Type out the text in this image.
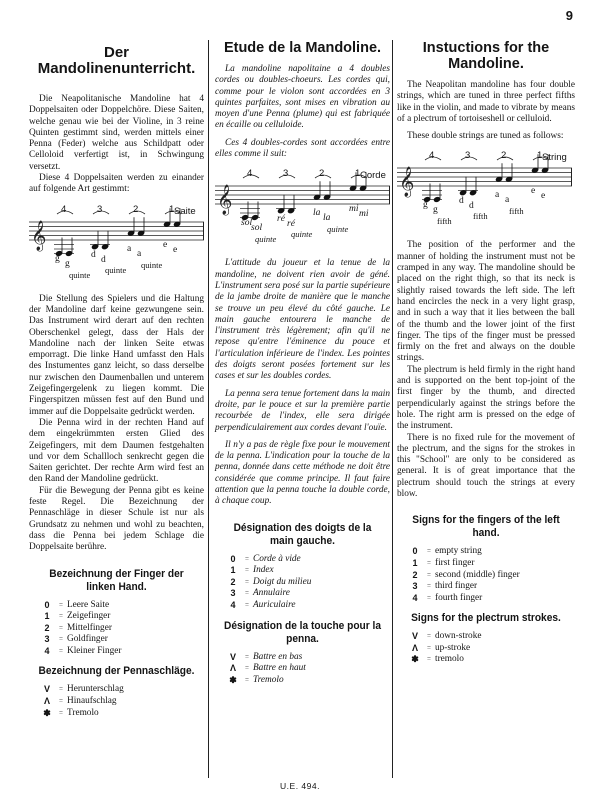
9
Der Mandolinenunterricht.

Die Neapolitanische Mandoline hat 4 Doppelsaiten oder Doppelchöre. Diese Saiten, welche genau wie bei der Violine, in 3 reine Quinten gestimmt sind, werden mittels einer Penna (Feder) welche aus Schildpatt oder Celloloid verfertigt ist, in Schwingung versetzt.

Diese 4 Doppelsaiten werden zu einander auf folgende Art gestimmt:

𝄞
4	3	2	1 Saite
g g
d d
a a
e e
quinte quinte quinte

Die Stellung des Spielers und die Haltung der Mandoline darf keine gezwungene sein. Das Instrument wird derart auf den rechten Oberschenkel gelegt, dass der Hals der Mandoline nach der linken Seite etwas emporragt. Die linke Hand umfasst den Hals des Instumentes ganz leicht, so dass derselbe nur zwischen den Daumenballen und unterem Zeigefingergelenk zu liegen kommt. Die Fingerspitzen müssen fest auf den Bund und immer auf die Doppelsaite gedrückt werden.

Die Penna wird in der rechten Hand auf dem eingekrümmten ersten Glied des Zeigefingers, mit dem Daumen festgehalten und vor dem Schallloch senkrecht gegen die Saiten gerichtet. Der rechte Arm wird fest an den Rand der Mandoline gedrückt.

Für die Bewegung der Penna gibt es keine feste Regel. Die Bezeichnung der Pennaschläge in dieser Schule ist nur als Grundsatz zu nehmen und wohl zu beachten, dass die Penna bei jedem Schlage die Doppelsaite berühre.

Bezeichnung der Finger der linken Hand.
0	= Leere Saite
1	= Zeigefinger
2	= Mittelfinger
3	= Goldfinger
4	= Kleiner Finger
Bezeichnung der Pennaschläge.
V	= Herunterschlag
Λ	= Hinaufschlag
✽	= Tremolo
Etude de la Mandoline.

La mandoline napolitaine a 4 doubles cordes ou doubles-choeurs. Les cordes qui, comme pour le violon sont accordées en 3 quintes parfaites, sont mises en vibration au moyen d'une Penna (plume) qui est fabriquée en écaille ou celluloide.

Ces 4 doubles-cordes sont accordées entre elles comme il suit:

𝄞
4	3	2	1 Corde
sol
sol
ré ré
la la
mi mi
quinte quinte quinte

L'attitude du joueur et la tenue de la mandoline, ne doivent rien avoir de géné. L'instrument sera posé sur la partie supérieure de la jambe droite de manière que le manche se trouve un peu élevé du côté gauche. Le main gauche entourera le manche de l'instrument très légèrement; afin qu'il ne repose qu'entre l'éminence du pouce et l'articulation inférieure de l'index. Les pointes des doigts seront posées fortement sur les cases et sur les doubles cordes.

La penna sera tenue fortement dans la main droite, par le pouce et sur la première partie recourbée de l'index, elle sera dirigée perpendiculairement aux cordes devant l'ouïe.

Il n'y a pas de règle fixe pour le mouvement de la penna. L'indication pour la touche de la penna, donnée dans cette méthode ne doit être considérée que comme principe. Il faut faire attention que la penna touche la double corde, à chaque coup.

Désignation des doigts de la main gauche.
0	= Corde à vide
1	= Index
2	= Doigt du milieu
3	= Annulaire
4	= Auriculaire
Désignation de la touche pour la penna.
V	= Battre en bas
Λ	= Battre en haut
✽	= Tremolo
Instuctions for the Mandoline.

The Neapolitan mandoline has four double strings, which are tuned in three perfect fifths like in the violin, and made to vibrate by means of a plectrum of tortoiseshell or celluloid.

These double strings are tuned as follows:

𝄞
4	3	2	1 String
g g
d d
a a
e e
fifth	fifth	fifth

The position of the performer and the manner of holding the instrument must not be cramped in any way. The mandoline should be placed on the right thigh, so that its neck is slightly raised towards the left side. The left hand encircles the neck in a very light grasp, and in such a way that it lies between the ball of the thumb and the lower joint of the first finger. The tips of the finger must be pressed firmly on the fret and always on the double strings.

The plectrum is held firmly in the right hand and is supported on the bent top-joint of the first finger by the thumb, and directed perpendicularly against the strings before the hole. The right arm is pressed on the edge of the instrument.

There is no fixed rule for the movement of the plectrum, and the signs for the strokes in this "School" are only to be considered as general. It is of great importance that the plectrum should touch the strings at every blow.

Signs for the fingers of the left hand.
0	= empty string
1	= first finger
2	= second (middle) finger
3	= third finger
4	= fourth finger
Signs for the plectrum strokes.
V	= down-stroke
Λ	= up-stroke
✽	= tremolo
U.E. 494.
